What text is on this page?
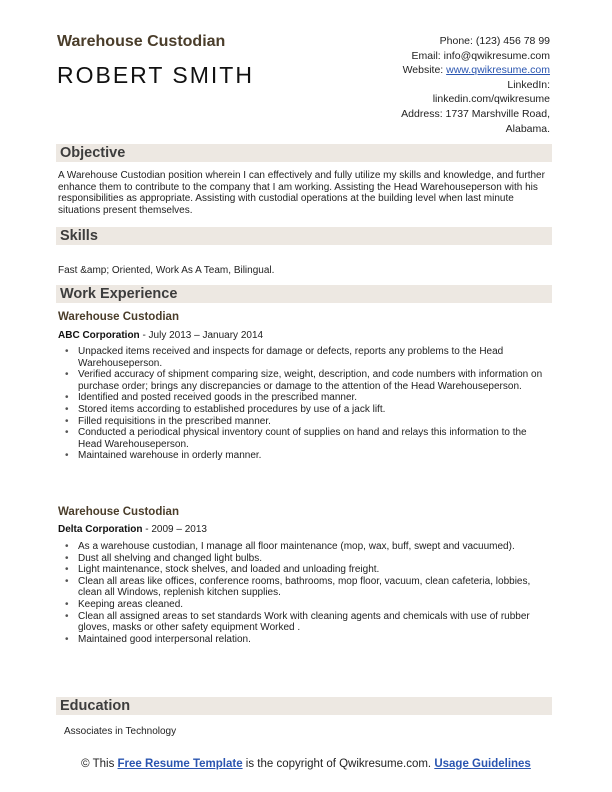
Warehouse Custodian
ROBERT SMITH
Phone: (123) 456 78 99
Email: info@qwikresume.com
Website: www.qwikresume.com
LinkedIn:
linkedin.com/qwikresume
Address: 1737 Marshville Road,
Alabama.
Objective
A Warehouse Custodian position wherein I can effectively and fully utilize my skills and knowledge, and further enhance them to contribute to the company that I am working. Assisting the Head Warehouseperson with his responsibilities as appropriate. Assisting with custodial operations at the building level when last minute situations present themselves.
Skills
Fast &amp; Oriented, Work As A Team, Bilingual.
Work Experience
Warehouse Custodian
ABC Corporation - July 2013 – January 2014
• Unpacked items received and inspects for damage or defects, reports any problems to the Head Warehouseperson.
• Verified accuracy of shipment comparing size, weight, description, and code numbers with information on purchase order; brings any discrepancies or damage to the attention of the Head Warehouseperson.
• Identified and posted received goods in the prescribed manner.
• Stored items according to established procedures by use of a jack lift.
• Filled requisitions in the prescribed manner.
• Conducted a periodical physical inventory count of supplies on hand and relays this information to the Head Warehouseperson.
• Maintained warehouse in orderly manner.
Warehouse Custodian
Delta Corporation - 2009 – 2013
• As a warehouse custodian, I manage all floor maintenance (mop, wax, buff, swept and vacuumed).
• Dust all shelving and changed light bulbs.
• Light maintenance, stock shelves, and loaded and unloading freight.
• Clean all areas like offices, conference rooms, bathrooms, mop floor, vacuum, clean cafeteria, lobbies, clean all Windows, replenish kitchen supplies.
• Keeping areas cleaned.
• Clean all assigned areas to set standards Work with cleaning agents and chemicals with use of rubber gloves, masks or other safety equipment Worked .
• Maintained good interpersonal relation.
Education
Associates in Technology
© This Free Resume Template is the copyright of Qwikresume.com. Usage Guidelines
